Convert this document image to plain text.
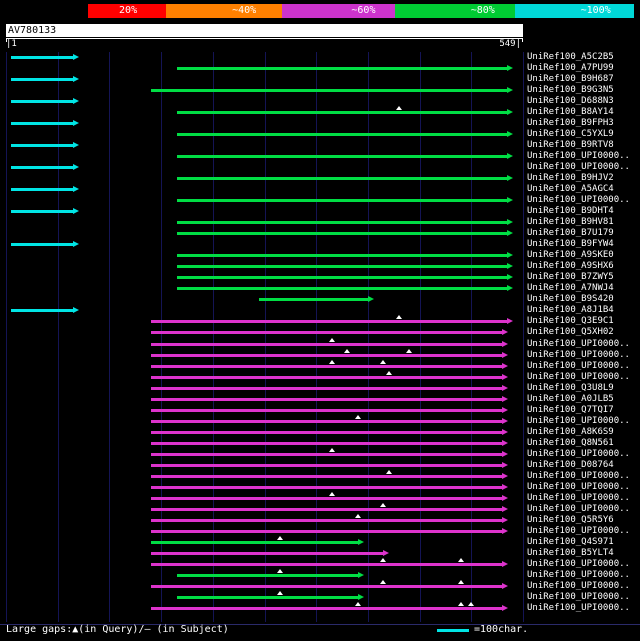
20%	~40%	~60%	~80%	~100%
AV780133
|1	549|
UniRef100_A5C2B5
UniRef100_A7PU99
UniRef100_B9H687
UniRef100_B9G3N5
UniRef100_D688N3
UniRef100_B8AY14
UniRef100_B9FPH3
UniRef100_C5YXL9
UniRef100_B9RTV8
UniRef100_UPI0000..
UniRef100_UPI0000..
UniRef100_B9HJV2
UniRef100_A5AGC4
UniRef100_UPI0000..
UniRef100_B9DHT4
UniRef100_B9HV81
UniRef100_B7U179
UniRef100_B9FYW4
UniRef100_A9SKE0
UniRef100_A9SHX6
UniRef100_B7ZWY5
UniRef100_A7NWJ4
UniRef100_B9S420
UniRef100_A8J1B4
UniRef100_Q3E9C1
UniRef100_Q5XH02
UniRef100_UPI0000..
UniRef100_UPI0000..
UniRef100_UPI0000..
UniRef100_UPI0000..
UniRef100_Q3U8L9
UniRef100_A0JLB5
UniRef100_Q7TQI7
UniRef100_UPI0000..
UniRef100_A8K6S9
UniRef100_Q8N561
UniRef100_UPI0000..
UniRef100_D08764
UniRef100_UPI0000..
UniRef100_UPI0000..
UniRef100_UPI0000..
UniRef100_UPI0000..
UniRef100_Q5R5Y6
UniRef100_UPI0000..
UniRef100_Q4S971
UniRef100_B5YLT4
UniRef100_UPI0000..
UniRef100_UPI0000..
UniRef100_UPI0000..
UniRef100_UPI0000..
UniRef100_UPI0000..
Large gaps:▲(in Query)/– (in Subject)	=100char.
